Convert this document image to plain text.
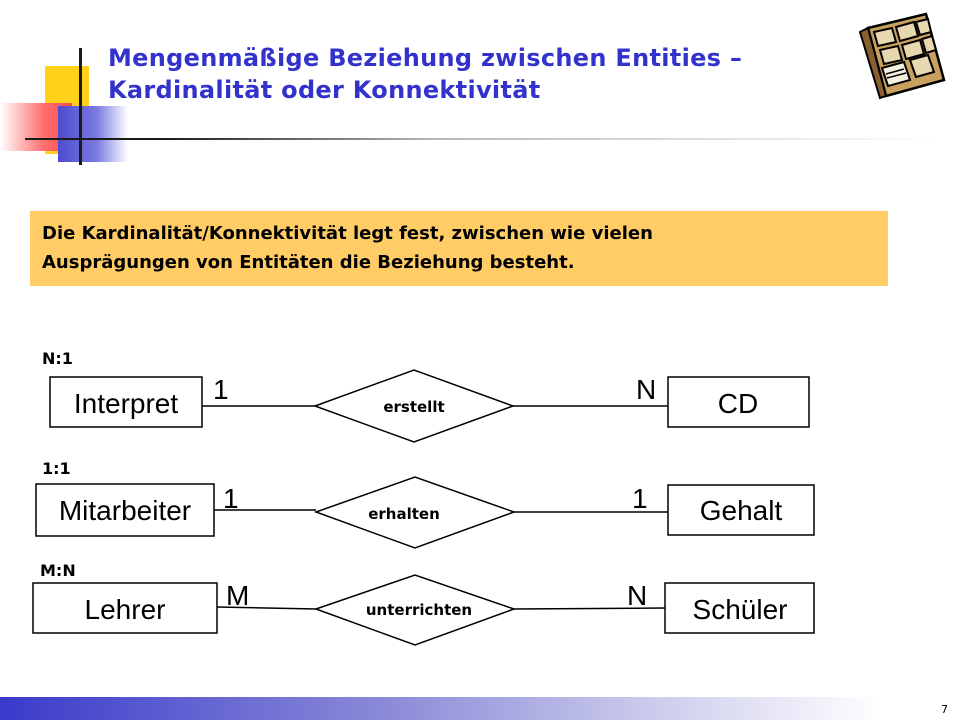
Mengenmäßige Beziehung zwischen Entities –
Kardinalität oder Konnektivität
Die Kardinalität/Konnektivität legt fest, zwischen wie vielen
Ausprägungen von Entitäten die Beziehung besteht.
N:1
Interpret	erstellt	CD
1	N
1:1
Mitarbeiter	erhalten	Gehalt
1	1
M:N
Lehrer	unterrichten	Schüler
M	N
7
